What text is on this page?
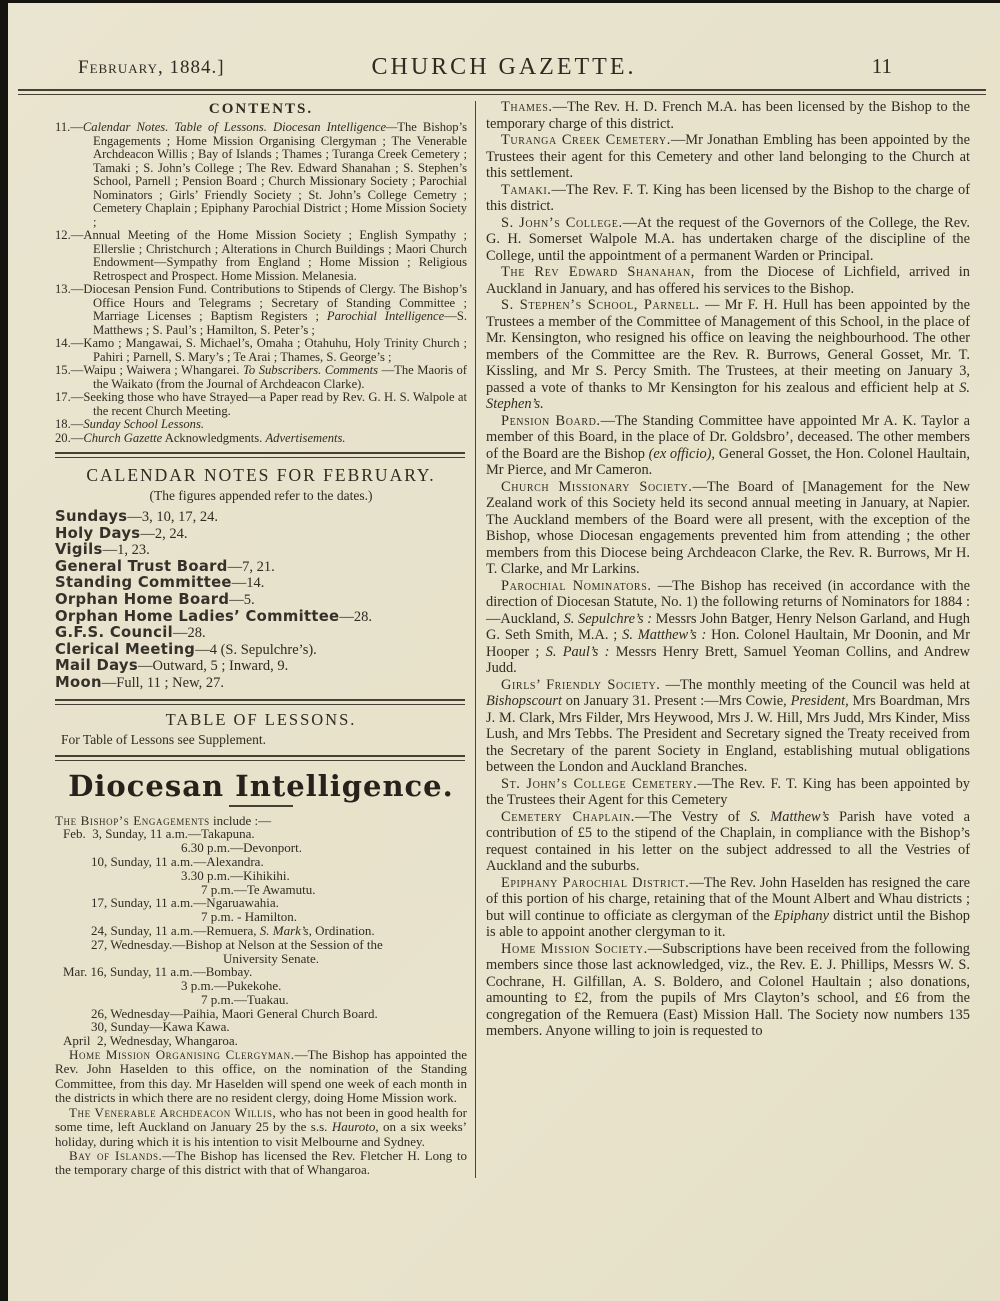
February, 1884.]	CHURCH GAZETTE.	11
CONTENTS.
11.—Calendar Notes. Table of Lessons. Diocesan Intelligence—The Bishop’s Engagements ; Home Mission Organising Clergyman ; The Venerable Archdeacon Willis ; Bay of Islands ; Thames ; Turanga Creek Cemetery ; Tamaki ; S. John’s College ; The Rev. Edward Shanahan ; S. Stephen’s School, Parnell ; Pension Board ; Church Missionary Society ; Parochial Nominators ; Girls’ Friendly Society ; St. John’s College Cemetry ; Cemetery Chaplain ; Epiphany Parochial District ; Home Mission Society ;
12.—Annual Meeting of the Home Mission Society ; English Sympathy ; Ellerslie ; Christchurch ; Alterations in Church Buildings ; Maori Church Endowment—Sympathy from England ; Home Mission ; Religious Retrospect and Prospect. Home Mission. Melanesia.
13.—Diocesan Pension Fund. Contributions to Stipends of Clergy. The Bishop’s Office Hours and Telegrams ; Secretary of Standing Committee ; Marriage Licenses ; Baptism Registers ; Parochial Intelligence—S. Matthews ; S. Paul’s ; Hamilton, S. Peter’s ;
14.—Kamo ; Mangawai, S. Michael’s, Omaha ; Otahuhu, Holy Trinity Church ; Pahiri ; Parnell, S. Mary’s ; Te Arai ; Thames, S. George’s ;
15.—Waipu ; Waiwera ; Whangarei. To Subscribers. Comments —The Maoris of the Waikato (from the Journal of Archdeacon Clarke).
17.—Seeking those who have Strayed—a Paper read by Rev. G. H. S. Walpole at the recent Church Meeting.
18.—Sunday School Lessons.
20.—Church Gazette Acknowledgments. Advertisements.
CALENDAR NOTES FOR FEBRUARY.

(The figures appended refer to the dates.)

Sundays—3, 10, 17, 24.
Holy Days—2, 24.
Vigils—1, 23.
General Trust Board—7, 21.
Standing Committee—14.
Orphan Home Board—5.
Orphan Home Ladies’ Committee—28.
G.F.S. Council—28.
Clerical Meeting—4 (S. Sepulchre’s).
Mail Days—Outward, 5 ; Inward, 9.
Moon—Full, 11 ; New, 27.
TABLE OF LESSONS.

For Table of Lessons see Supplement.

Diocesan Intelligence.
The Bishop’s Engagements include :—
Feb.  3, Sunday, 11 a.m.—Takapuna.
6.30 p.m.—Devonport.
10, Sunday, 11 a.m.—Alexandra.
3.30 p.m.—Kihikihi.
7 p.m.—Te Awamutu.
17, Sunday, 11 a.m.—Ngaruawahia.
7 p.m. - Hamilton.
24, Sunday, 11 a.m.—Remuera, S. Mark’s, Ordination.
27, Wednesday.—Bishop at Nelson at the Session of the
University Senate.
Mar. 16, Sunday, 11 a.m.—Bombay.
3 p.m.—Pukekohe.
7 p.m.—Tuakau.
26, Wednesday—Paihia, Maori General Church Board.
30, Sunday—Kawa Kawa.
April  2, Wednesday, Whangaroa.

Home Mission Organising Clergyman.—The Bishop has appointed the Rev. John Haselden to this office, on the nomination of the Standing Committee, from this day. Mr Haselden will spend one week of each month in the districts in which there are no resident clergy, doing Home Mission work.

The Venerable Archdeacon Willis, who has not been in good health for some time, left Auckland on January 25 by the s.s. Hauroto, on a six weeks’ holiday, during which it is his intention to visit Melbourne and Sydney.

Bay of Islands.—The Bishop has licensed the Rev. Fletcher H. Long to the temporary charge of this district with that of Whangaroa.

Thames.—The Rev. H. D. French M.A. has been licensed by the Bishop to the temporary charge of this district.

Turanga Creek Cemetery.—Mr Jonathan Embling has been appointed by the Trustees their agent for this Cemetery and other land belonging to the Church at this settlement.

Tamaki.—The Rev. F. T. King has been licensed by the Bishop to the charge of this district.

S. John’s College.—At the request of the Governors of the College, the Rev. G. H. Somerset Walpole M.A. has undertaken charge of the discipline of the College, until the appointment of a permanent Warden or Principal.

The Rev Edward Shanahan, from the Diocese of Lichfield, arrived in Auckland in January, and has offered his services to the Bishop.

S. Stephen’s School, Parnell. — Mr F. H. Hull has been appointed by the Trustees a member of the Committee of Management of this School, in the place of Mr. Kensington, who resigned his office on leaving the neighbourhood. The other members of the Committee are the Rev. R. Burrows, General Gosset, Mr. T. Kissling, and Mr S. Percy Smith. The Trustees, at their meeting on January 3, passed a vote of thanks to Mr Kensington for his zealous and efficient help at S. Stephen’s.

Pension Board.—The Standing Committee have appointed Mr A. K. Taylor a member of this Board, in the place of Dr. Goldsbro’, deceased. The other members of the Board are the Bishop (ex officio), General Gosset, the Hon. Colonel Haultain, Mr Pierce, and Mr Cameron.

Church Missionary Society.—The Board of [Management for the New Zealand work of this Society held its second annual meeting in January, at Napier. The Auckland members of the Board were all present, with the exception of the Bishop, whose Diocesan engagements prevented him from attending ; the other members from this Diocese being Archdeacon Clarke, the Rev. R. Burrows, Mr H. T. Clarke, and Mr Larkins.

Parochial Nominators. —The Bishop has received (in accordance with the direction of Diocesan Statute, No. 1) the following returns of Nominators for 1884 :—Auckland, S. Sepulchre’s : Messrs John Batger, Henry Nelson Garland, and Hugh G. Seth Smith, M.A. ; S. Matthew’s : Hon. Colonel Haultain, Mr Doonin, and Mr Hooper ; S. Paul’s : Messrs Henry Brett, Samuel Yeoman Collins, and Andrew Judd.

Girls’ Friendly Society. —The monthly meeting of the Council was held at Bishopscourt on January 31. Present :—Mrs Cowie, President, Mrs Boardman, Mrs J. M. Clark, Mrs Filder, Mrs Heywood, Mrs J. W. Hill, Mrs Judd, Mrs Kinder, Miss Lush, and Mrs Tebbs. The President and Secretary signed the Treaty received from the Secretary of the parent Society in England, establishing mutual obligations between the London and Auckland Branches.

St. John’s College Cemetery.—The Rev. F. T. King has been appointed by the Trustees their Agent for this Cemetery

Cemetery Chaplain.—The Vestry of S. Matthew’s Parish have voted a contribution of £5 to the stipend of the Chaplain, in compliance with the Bishop’s request contained in his letter on the subject addressed to all the Vestries of Auckland and the suburbs.

Epiphany Parochial District.—The Rev. John Haselden has resigned the care of this portion of his charge, retaining that of the Mount Albert and Whau districts ; but will continue to officiate as clergyman of the Epiphany district until the Bishop is able to appoint another clergyman to it.

Home Mission Society.—Subscriptions have been received from the following members since those last acknowledged, viz., the Rev. E. J. Phillips, Messrs W. S. Cochrane, H. Gilfillan, A. S. Boldero, and Colonel Haultain ; also donations, amounting to £2, from the pupils of Mrs Clayton’s school, and £6 from the congregation of the Remuera (East) Mission Hall. The Society now numbers 135 members. Anyone willing to join is requested to
